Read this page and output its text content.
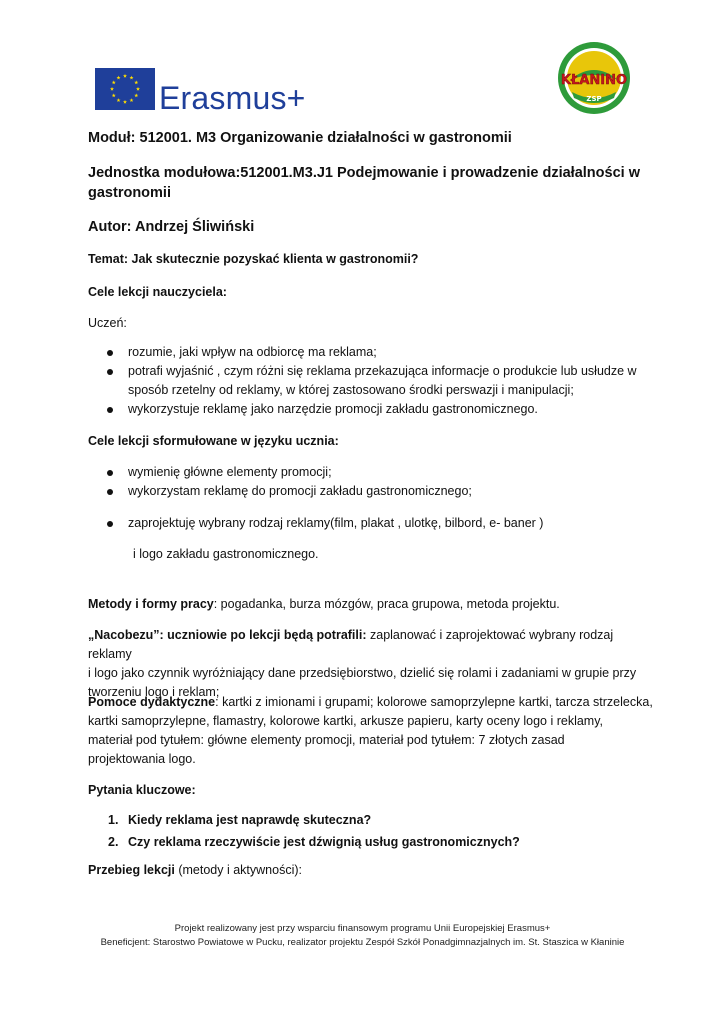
Erasmus+	KŁANINO
ZSP
Moduł: 512001. M3 Organizowanie działalności w gastronomii
Jednostka modułowa:512001.M3.J1 Podejmowanie i prowadzenie działalności w
gastronomii
Autor: Andrzej Śliwiński
Temat: Jak skutecznie pozyskać klienta w gastronomii?
Cele lekcji nauczyciela:
Uczeń:
rozumie, jaki wpływ na odbiorcę ma reklama;
potrafi wyjaśnić , czym różni się reklama przekazująca informacje o produkcie lub usłudze w
sposób rzetelny od reklamy, w której zastosowano środki perswazji i manipulacji;
wykorzystuje reklamę jako narzędzie promocji zakładu gastronomicznego.
Cele lekcji sformułowane w języku ucznia:
wymienię główne elementy promocji;
wykorzystam reklamę do promocji zakładu gastronomicznego;
zaprojektuję wybrany rodzaj reklamy(film, plakat , ulotkę, bilbord, e- baner )
i logo zakładu gastronomicznego.
Metody i formy pracy: pogadanka, burza mózgów, praca grupowa, metoda projektu.
„Nacobezu”: uczniowie po lekcji będą potrafili: zaplanować i zaprojektować wybrany rodzaj reklamy
i logo jako czynnik wyróżniający dane przedsiębiorstwo, dzielić się rolami i zadaniami w grupie przy
tworzeniu logo i reklam;
Pomoce dydaktyczne: kartki z imionami i grupami; kolorowe samoprzylepne kartki, tarcza strzelecka,
kartki samoprzylepne, flamastry, kolorowe kartki, arkusze papieru, karty oceny logo i reklamy,
materiał pod tytułem: główne elementy promocji, materiał pod tytułem: 7 złotych zasad
projektowania logo.
Pytania kluczowe:
1. Kiedy reklama jest naprawdę skuteczna?
2. Czy reklama rzeczywiście jest dźwignią usług gastronomicznych?
Przebieg lekcji (metody i aktywności):
Projekt realizowany jest przy wsparciu finansowym programu Unii Europejskiej Erasmus+
Beneficjent: Starostwo Powiatowe w Pucku, realizator projektu Zespół Szkół Ponadgimnazjalnych im. St. Staszica w Kłaninie
